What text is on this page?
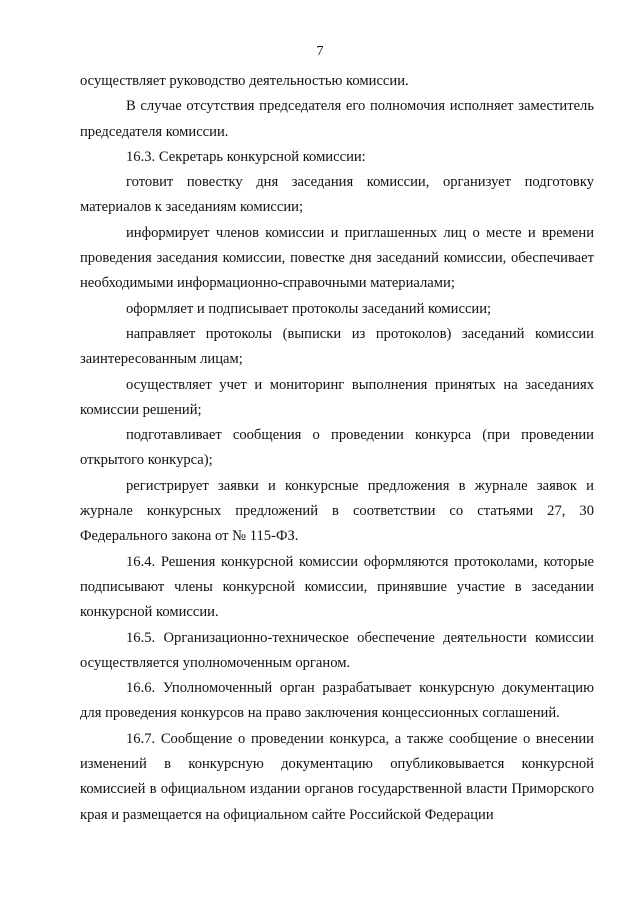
7

осуществляет руководство деятельностью комиссии.

В случае отсутствия председателя его полномочия исполняет заместитель председателя комиссии.

16.3. Секретарь конкурсной комиссии:

готовит повестку дня заседания комиссии, организует подготовку материалов к заседаниям комиссии;

информирует членов комиссии и приглашенных лиц о месте и времени проведения заседания комиссии, повестке дня заседаний комиссии, обеспечивает необходимыми информационно-справочными материалами;

оформляет и подписывает протоколы заседаний комиссии;

направляет протоколы (выписки из протоколов) заседаний комиссии заинтересованным лицам;

осуществляет учет и мониторинг выполнения принятых на заседаниях комиссии решений;

подготавливает сообщения о проведении конкурса (при проведении открытого конкурса);

регистрирует заявки и конкурсные предложения в журнале заявок и журнале конкурсных предложений в соответствии со статьями 27, 30 Федерального закона от № 115-ФЗ.

16.4. Решения конкурсной комиссии оформляются протоколами, которые подписывают члены конкурсной комиссии, принявшие участие в заседании конкурсной комиссии.

16.5. Организационно-техническое обеспечение деятельности комиссии осуществляется уполномоченным органом.

16.6. Уполномоченный орган разрабатывает конкурсную документацию для проведения конкурсов на право заключения концессионных соглашений.

16.7. Сообщение о проведении конкурса, а также сообщение о внесении изменений в конкурсную документацию опубликовывается конкурсной комиссией в официальном издании органов государственной власти Приморского края и размещается на официальном сайте Российской Федерации
